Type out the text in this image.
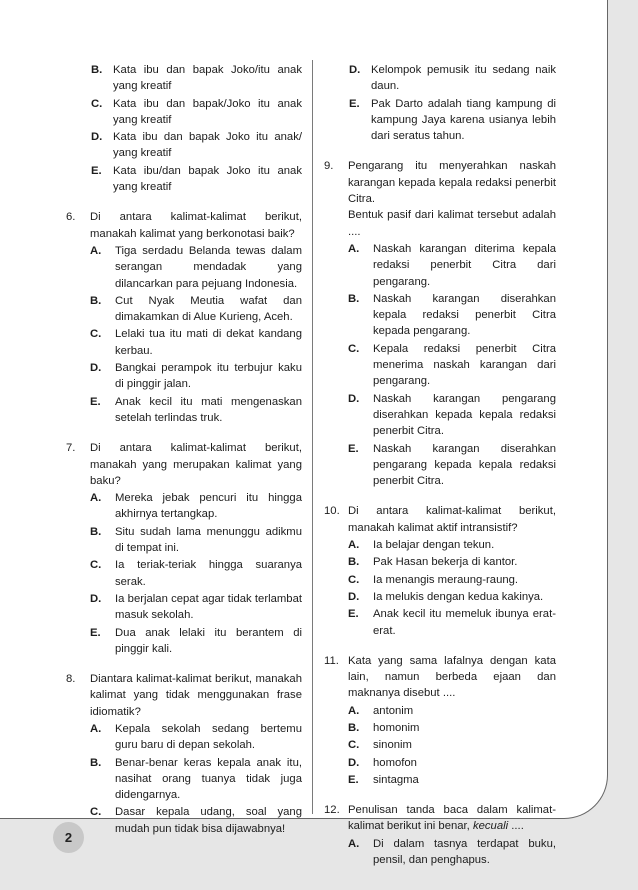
B. Kata ibu dan bapak Joko/itu anak yang kreatif
C. Kata ibu dan bapak/Joko itu anak yang kreatif
D. Kata ibu dan bapak Joko itu anak/ yang kreatif
E. Kata ibu/dan bapak Joko itu anak yang kreatif
6. Di antara kalimat-kalimat berikut, manakah kalimat yang berkonotasi baik?
A. Tiga serdadu Belanda tewas dalam serangan mendadak yang dilancarkan para pejuang Indonesia.
B. Cut Nyak Meutia wafat dan dimakamkan di Alue Kurieng, Aceh.
C. Lelaki tua itu mati di dekat kandang kerbau.
D. Bangkai perampok itu terbujur kaku di pinggir jalan.
E. Anak kecil itu mati mengenaskan setelah terlindas truk.
7. Di antara kalimat-kalimat berikut, manakah yang merupakan kalimat yang baku?
A. Mereka jebak pencuri itu hingga akhirnya tertangkap.
B. Situ sudah lama menunggu adikmu di tempat ini.
C. Ia teriak-teriak hingga suaranya serak.
D. Ia berjalan cepat agar tidak terlambat masuk sekolah.
E. Dua anak lelaki itu berantem di pinggir kali.
8. Diantara kalimat-kalimat berikut, manakah kalimat yang tidak menggunakan frase idiomatik?
A. Kepala sekolah sedang bertemu guru baru di depan sekolah.
B. Benar-benar keras kepala anak itu, nasihat orang tuanya tidak juga didengarnya.
C. Dasar kepala udang, soal yang mudah pun tidak bisa dijawabnya!
D. Kelompok pemusik itu sedang naik daun.
E. Pak Darto adalah tiang kampung di kampung Jaya karena usianya lebih dari seratus tahun.
9. Pengarang itu menyerahkan naskah karangan kepada kepala redaksi penerbit Citra.
Bentuk pasif dari kalimat tersebut adalah ....
A. Naskah karangan diterima kepala redaksi penerbit Citra dari pengarang.
B. Naskah karangan diserahkan kepala redaksi penerbit Citra kepada pengarang.
C. Kepala redaksi penerbit Citra menerima naskah karangan dari pengarang.
D. Naskah karangan pengarang diserahkan kepada kepala redaksi penerbit Citra.
E. Naskah karangan diserahkan pengarang kepada kepala redaksi penerbit Citra.
10. Di antara kalimat-kalimat berikut, manakah kalimat aktif intransistif?
A. Ia belajar dengan tekun.
B. Pak Hasan bekerja di kantor.
C. Ia menangis meraung-raung.
D. Ia melukis dengan kedua kakinya.
E. Anak kecil itu memeluk ibunya erat-erat.
11. Kata yang sama lafalnya dengan kata lain, namun berbeda ejaan dan maknanya disebut ....
A. antonim
B. homonim
C. sinonim
D. homofon
E. sintagma
12. Penulisan tanda baca dalam kalimat-kalimat berikut ini benar, kecuali ....
A. Di dalam tasnya terdapat buku, pensil, dan penghapus.
2
